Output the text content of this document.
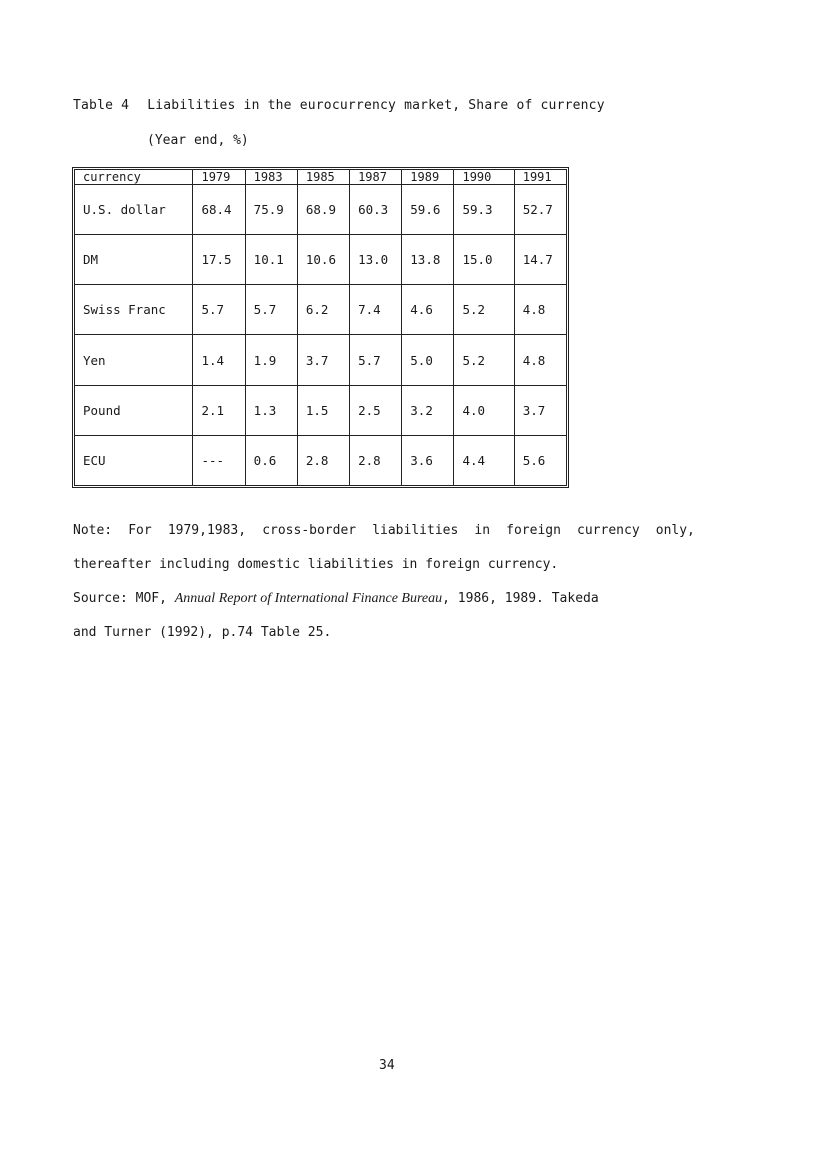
Table 4 Liabilities in the eurocurrency market, Share of currency
(Year end, %)
currency	1979	1983	1985	1987	1989	1990	1991
U.S. dollar	68.4	75.9	68.9	60.3	59.6	59.3	52.7
DM	17.5	10.1	10.6	13.0	13.8	15.0	14.7
Swiss Franc	5.7	5.7	6.2	7.4	4.6	5.2	4.8
Yen	1.4	1.9	3.7	5.7	5.0	5.2	4.8
Pound	2.1	1.3	1.5	2.5	3.2	4.0	3.7
ECU	---	0.6	2.8	2.8	3.6	4.4	5.6
Note: For 1979,1983, cross-border liabilities in foreign currency only,
thereafter including domestic liabilities in foreign currency.
Source: MOF, Annual Report of International Finance Bureau, 1986, 1989. Takeda
and Turner (1992), p.74 Table 25.
34
